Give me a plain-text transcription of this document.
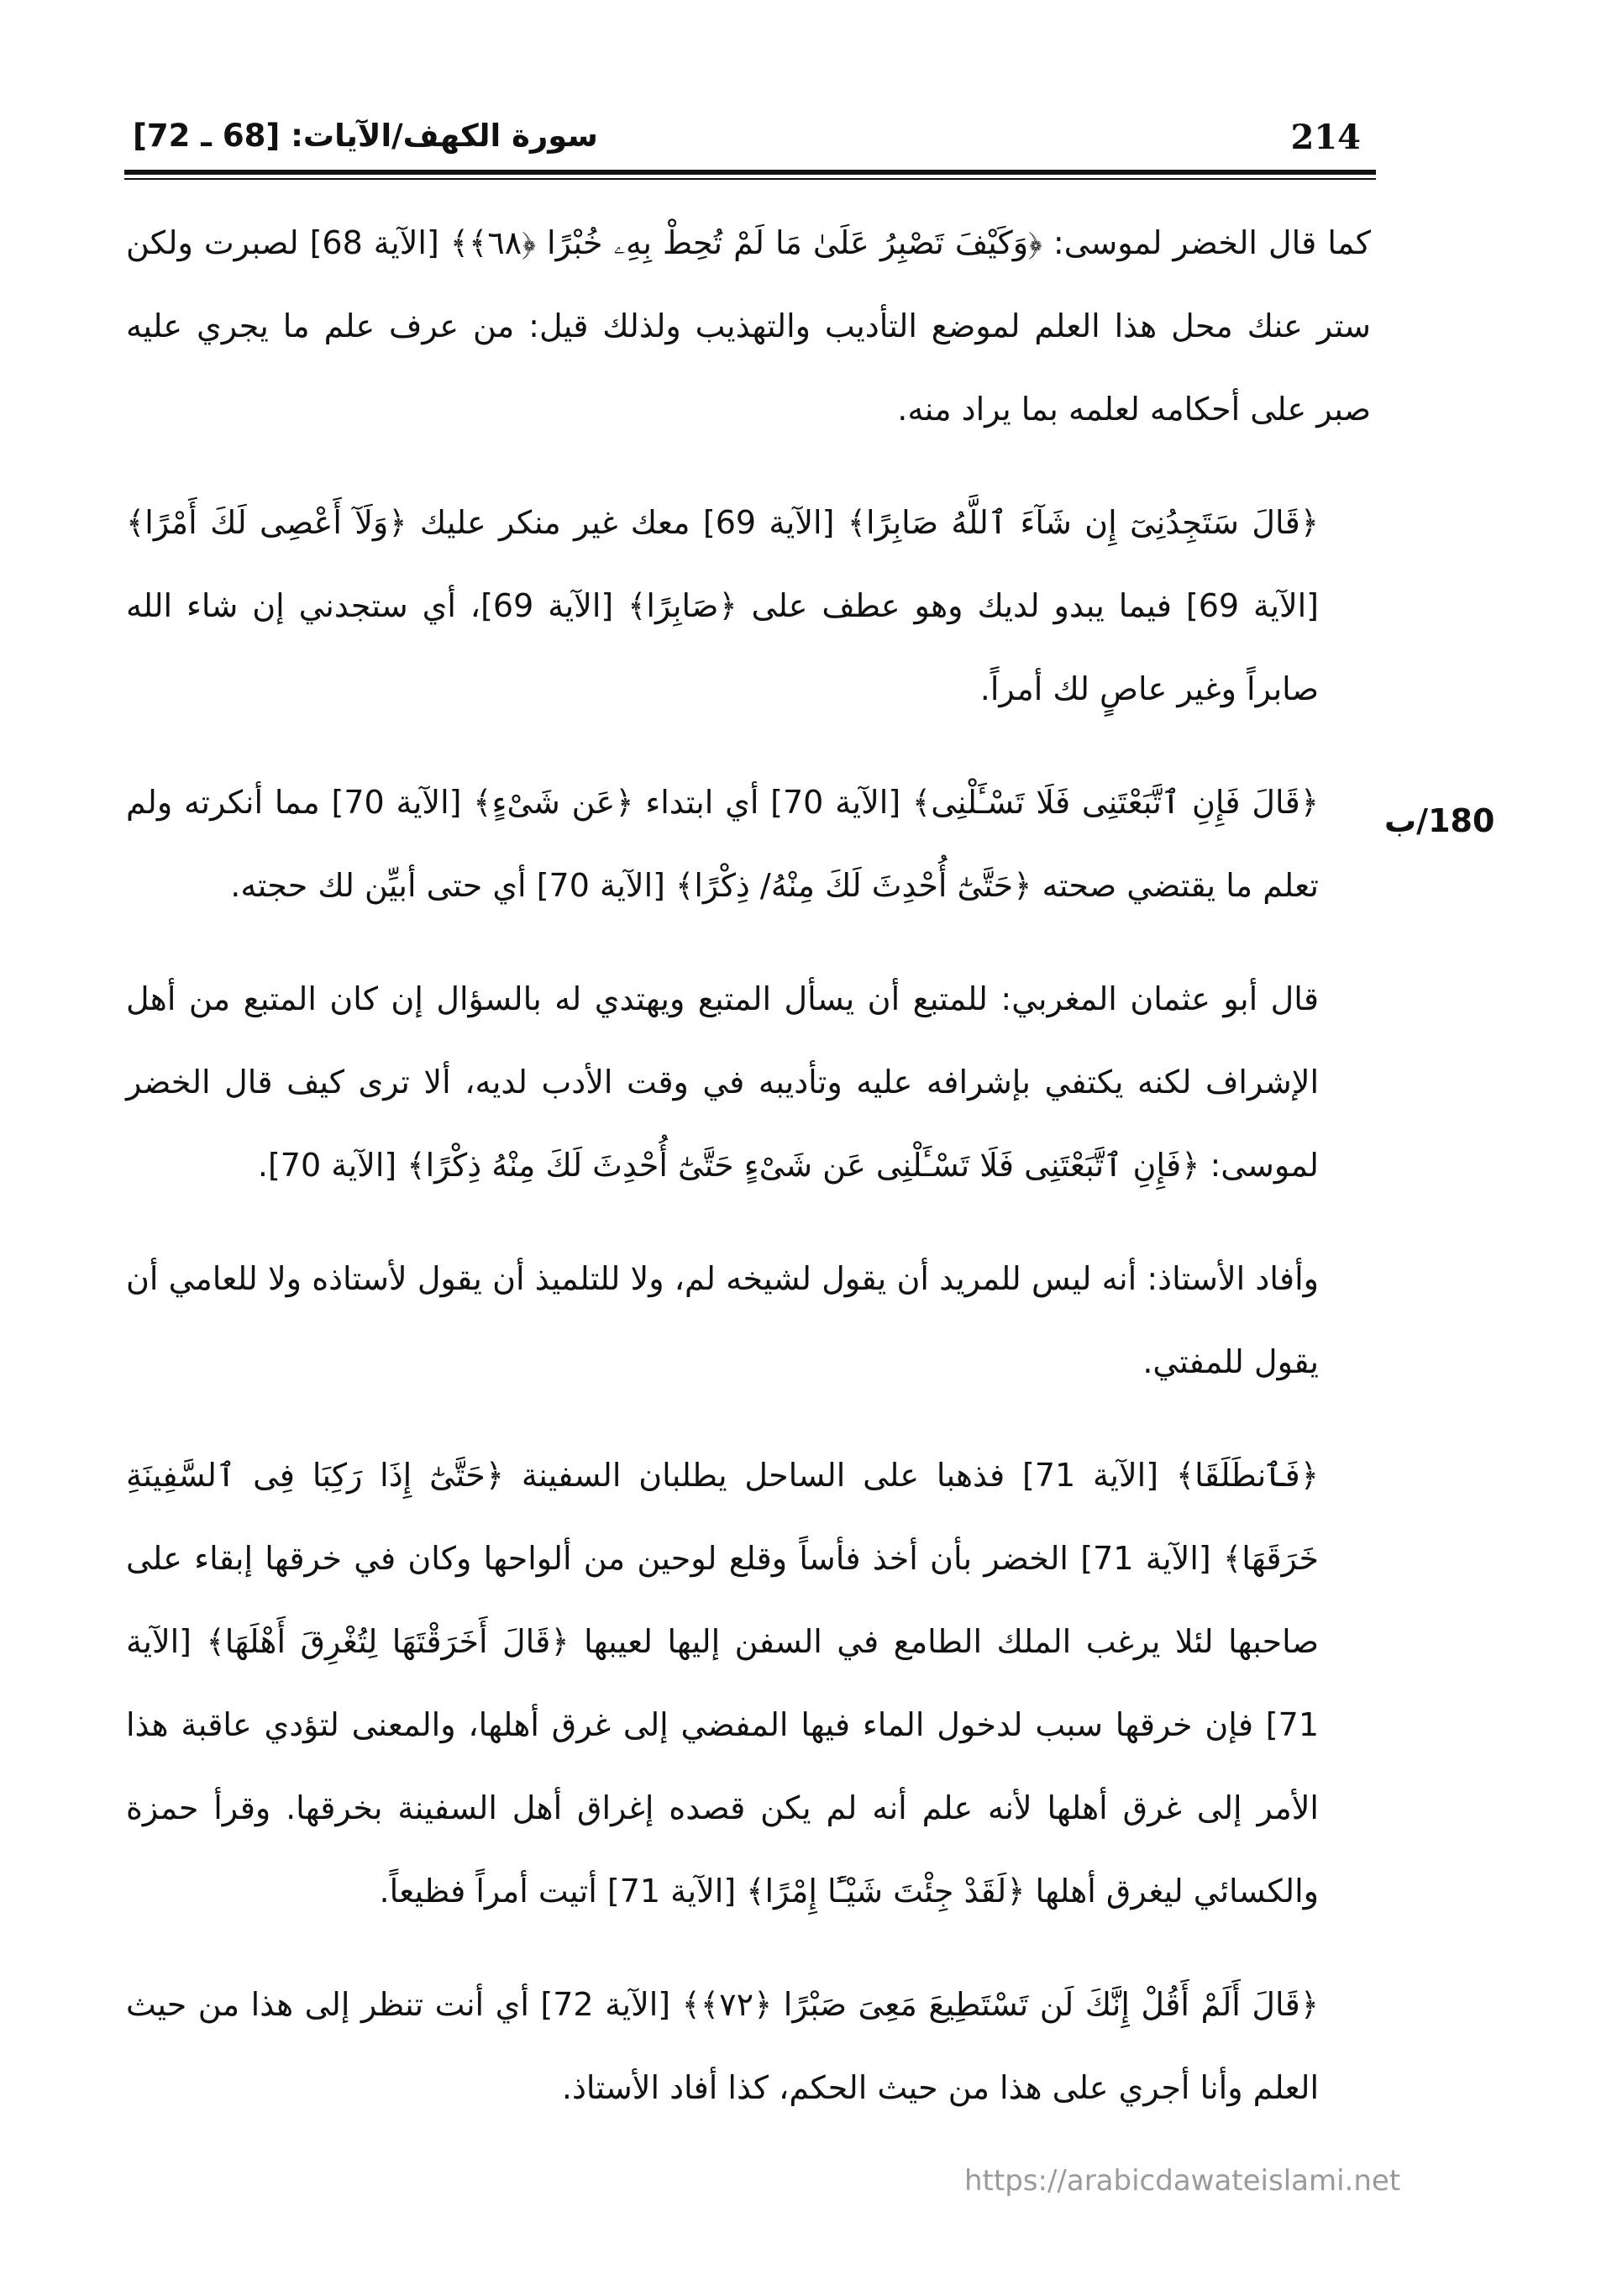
214
سورة الكهف/الآيات: [68 ـ 72]
180/ب

كما قال الخضر لموسى: ﴿وَكَيْفَ تَصْبِرُ عَلَىٰ مَا لَمْ تُحِطْ بِهِۦ خُبْرًا ﴿٦٨﴾﴾ [الآية 68] لصبرت ولكن ستر عنك محل هذا العلم لموضع التأديب والتهذيب ولذلك قيل: من عرف علم ما يجري عليه صبر على أحكامه لعلمه بما يراد منه.

﴿قَالَ سَتَجِدُنِىٓ إِن شَآءَ ٱللَّهُ صَابِرًا﴾ [الآية 69] معك غير منكر عليك ﴿وَلَآ أَعْصِى لَكَ أَمْرًا﴾ [الآية 69] فيما يبدو لديك وهو عطف على ﴿صَابِرًا﴾ [الآية 69]، أي ستجدني إن شاء الله صابراً وغير عاصٍ لك أمراً.

﴿قَالَ فَإِنِ ٱتَّبَعْتَنِى فَلَا تَسْـَٔلْنِى﴾ [الآية 70] أي ابتداء ﴿عَن شَىْءٍ﴾ [الآية 70] مما أنكرته ولم تعلم ما يقتضي صحته ﴿حَتَّىٰٓ أُحْدِثَ لَكَ مِنْهُ/ ذِكْرًا﴾ [الآية 70] أي حتى أبيِّن لك حجته.

قال أبو عثمان المغربي: للمتبع أن يسأل المتبع ويهتدي له بالسؤال إن كان المتبع من أهل الإشراف لكنه يكتفي بإشرافه عليه وتأديبه في وقت الأدب لديه، ألا ترى كيف قال الخضر لموسى: ﴿فَإِنِ ٱتَّبَعْتَنِى فَلَا تَسْـَٔلْنِى عَن شَىْءٍ حَتَّىٰٓ أُحْدِثَ لَكَ مِنْهُ ذِكْرًا﴾ [الآية 70].

وأفاد الأستاذ: أنه ليس للمريد أن يقول لشيخه لم، ولا للتلميذ أن يقول لأستاذه ولا للعامي أن يقول للمفتي.

﴿فَٱنطَلَقَا﴾ [الآية 71] فذهبا على الساحل يطلبان السفينة ﴿حَتَّىٰٓ إِذَا رَكِبَا فِى ٱلسَّفِينَةِ خَرَقَهَا﴾ [الآية 71] الخضر بأن أخذ فأساً وقلع لوحين من ألواحها وكان في خرقها إبقاء على صاحبها لئلا يرغب الملك الطامع في السفن إليها لعيبها ﴿قَالَ أَخَرَقْتَهَا لِتُغْرِقَ أَهْلَهَا﴾ [الآية 71] فإن خرقها سبب لدخول الماء فيها المفضي إلى غرق أهلها، والمعنى لتؤدي عاقبة هذا الأمر إلى غرق أهلها لأنه علم أنه لم يكن قصده إغراق أهل السفينة بخرقها. وقرأ حمزة والكسائي ليغرق أهلها ﴿لَقَدْ جِئْتَ شَيْـًٔا إِمْرًا﴾ [الآية 71] أتيت أمراً فظيعاً.

﴿قَالَ أَلَمْ أَقُلْ إِنَّكَ لَن تَسْتَطِيعَ مَعِىَ صَبْرًا ﴿٧٢﴾﴾ [الآية 72] أي أنت تنظر إلى هذا من حيث العلم وأنا أجري على هذا من حيث الحكم، كذا أفاد الأستاذ.

https://arabicdawateislami.net
